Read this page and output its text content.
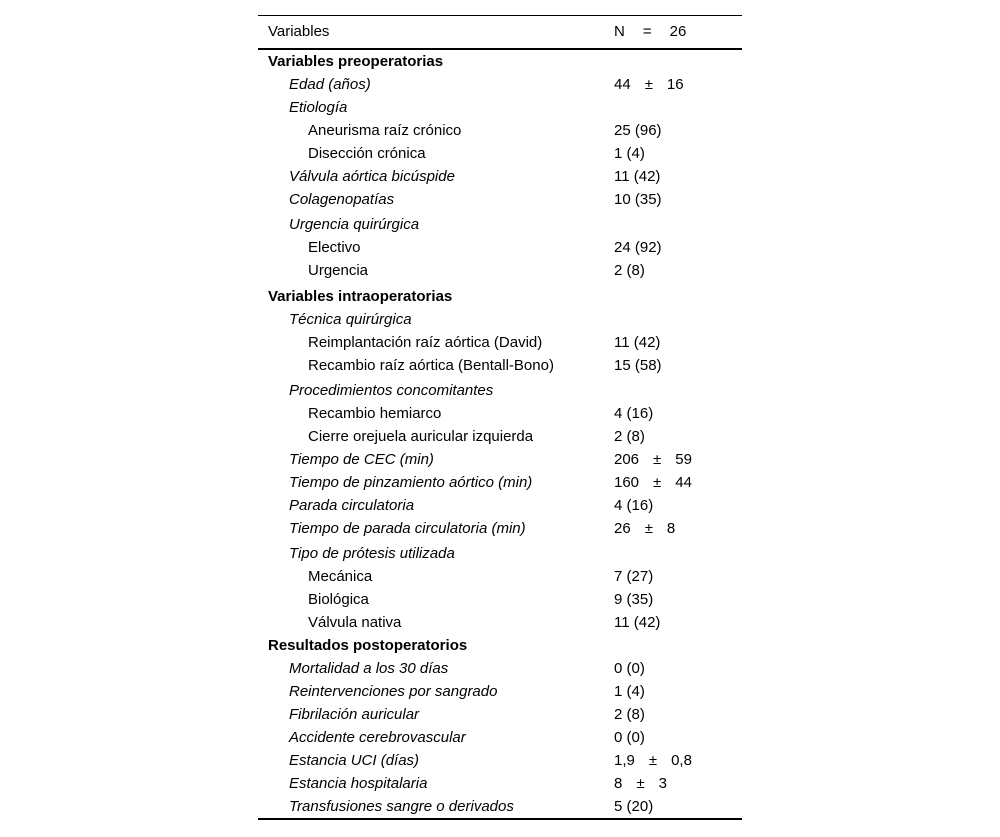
Variables	N = 26
Variables preoperatorias
Edad (años)	44 ± 16
Etiología
Aneurisma raíz crónico	25 (96)
Disección crónica	1 (4)
Válvula aórtica bicúspide	11 (42)
Colagenopatías	10 (35)
Urgencia quirúrgica
Electivo	24 (92)
Urgencia	2 (8)
Variables intraoperatorias
Técnica quirúrgica
Reimplantación raíz aórtica (David)	11 (42)
Recambio raíz aórtica (Bentall-Bono)	15 (58)
Procedimientos concomitantes
Recambio hemiarco	4 (16)
Cierre orejuela auricular izquierda	2 (8)
Tiempo de CEC (min)	206 ± 59
Tiempo de pinzamiento aórtico (min)	160 ± 44
Parada circulatoria	4 (16)
Tiempo de parada circulatoria (min)	26 ± 8
Tipo de prótesis utilizada
Mecánica	7 (27)
Biológica	9 (35)
Válvula nativa	11 (42)
Resultados postoperatorios
Mortalidad a los 30 días	0 (0)
Reintervenciones por sangrado	1 (4)
Fibrilación auricular	2 (8)
Accidente cerebrovascular	0 (0)
Estancia UCI (días)	1,9 ± 0,8
Estancia hospitalaria	8 ± 3
Transfusiones sangre o derivados	5 (20)
